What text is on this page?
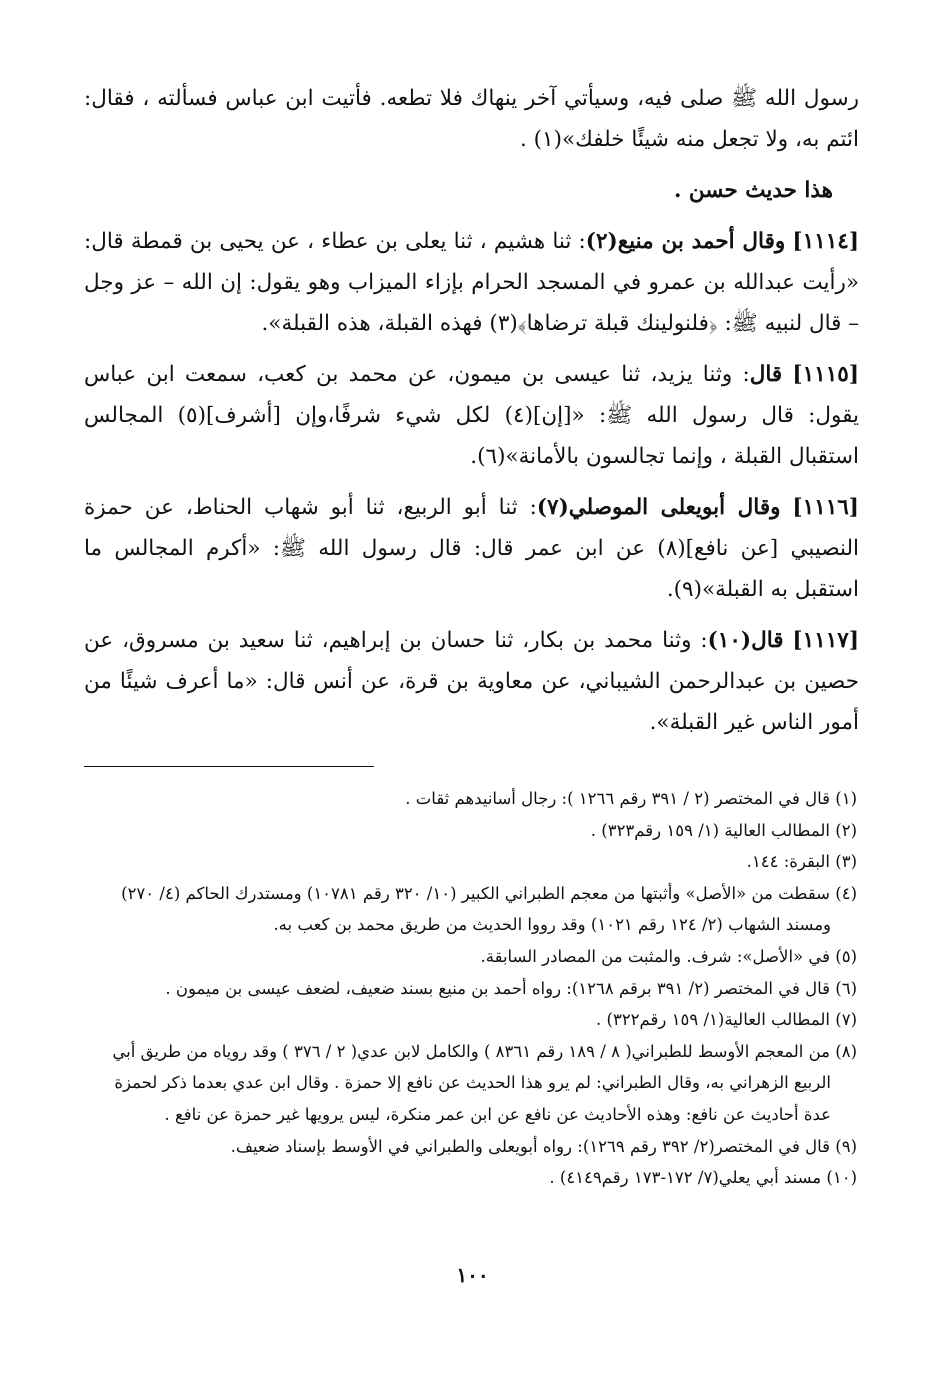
رسول الله ﷺ صلى فيه، وسيأتي آخر ينهاك فلا تطعه. فأتيت ابن عباس فسألته ، فقال: ائتم به، ولا تجعل منه شيئًا خلفك»(١) .

هذا حديث حسن .

[١١١٤] وقال أحمد بن منيع(٢): ثنا هشيم ، ثنا يعلى بن عطاء ، عن يحيى بن قمطة قال: «رأيت عبدالله بن عمرو في المسجد الحرام بإزاء الميزاب وهو يقول: إن الله – عز وجل – قال لنبيه ﷺ: ﴿فلنولينك قبلة ترضاها﴾(٣) فهذه القبلة، هذه القبلة».

[١١١٥] قال: وثنا يزيد، ثنا عيسى بن ميمون، عن محمد بن كعب، سمعت ابن عباس يقول: قال رسول الله ﷺ: «[إن](٤) لكل شيء شرفًا،وإن [أشرف](٥) المجالس استقبال القبلة ، وإنما تجالسون بالأمانة»(٦).

[١١١٦] وقال أبويعلى الموصلي(٧): ثنا أبو الربيع، ثنا أبو شهاب الحناط، عن حمزة النصيبي [عن نافع](٨) عن ابن عمر قال: قال رسول الله ﷺ: «أكرم المجالس ما استقبل به القبلة»(٩).

[١١١٧] قال(١٠): وثنا محمد بن بكار، ثنا حسان بن إبراهيم، ثنا سعيد بن مسروق، عن حصين بن عبدالرحمن الشيباني، عن معاوية بن قرة، عن أنس قال: «ما أعرف شيئًا من أمور الناس غير القبلة».

(١) قال في المختصر (٢ / ٣٩١ رقم ١٢٦٦ ): رجال أسانيدهم ثقات .

(٢) المطالب العالية (١/ ١٥٩ رقم٣٢٣) .

(٣) البقرة: ١٤٤.

(٤) سقطت من «الأصل» وأثبتها من معجم الطبراني الكبير (١٠/ ٣٢٠ رقم ١٠٧٨١) ومستدرك الحاكم (٤/ ٢٧٠) ومسند الشهاب (٢/ ١٢٤ رقم ١٠٢١) وقد رووا الحديث من طريق محمد بن كعب به.

(٥) في «الأصل»: شرف. والمثبت من المصادر السابقة.

(٦) قال في المختصر (٢/ ٣٩١ برقم ١٢٦٨): رواه أحمد بن منيع بسند ضعيف، لضعف عيسى بن ميمون .

(٧) المطالب العالية(١/ ١٥٩ رقم٣٢٢) .

(٨) من المعجم الأوسط للطبراني( ٨ / ١٨٩ رقم ٨٣٦١ ) والكامل لابن عدي( ٢ / ٣٧٦ ) وقد روياه من طريق أبي الربيع الزهراني به، وقال الطبراني: لم يرو هذا الحديث عن نافع إلا حمزة . وقال ابن عدي بعدما ذكر لحمزة عدة أحاديث عن نافع: وهذه الأحاديث عن نافع عن ابن عمر منكرة، ليس يرويها غير حمزة عن نافع .

(٩) قال في المختصر(٢/ ٣٩٢ رقم ١٢٦٩): رواه أبويعلى والطبراني في الأوسط بإسناد ضعيف.

(١٠) مسند أبي يعلي(٧/ ١٧٢-١٧٣ رقم٤١٤٩) .

١٠٠
